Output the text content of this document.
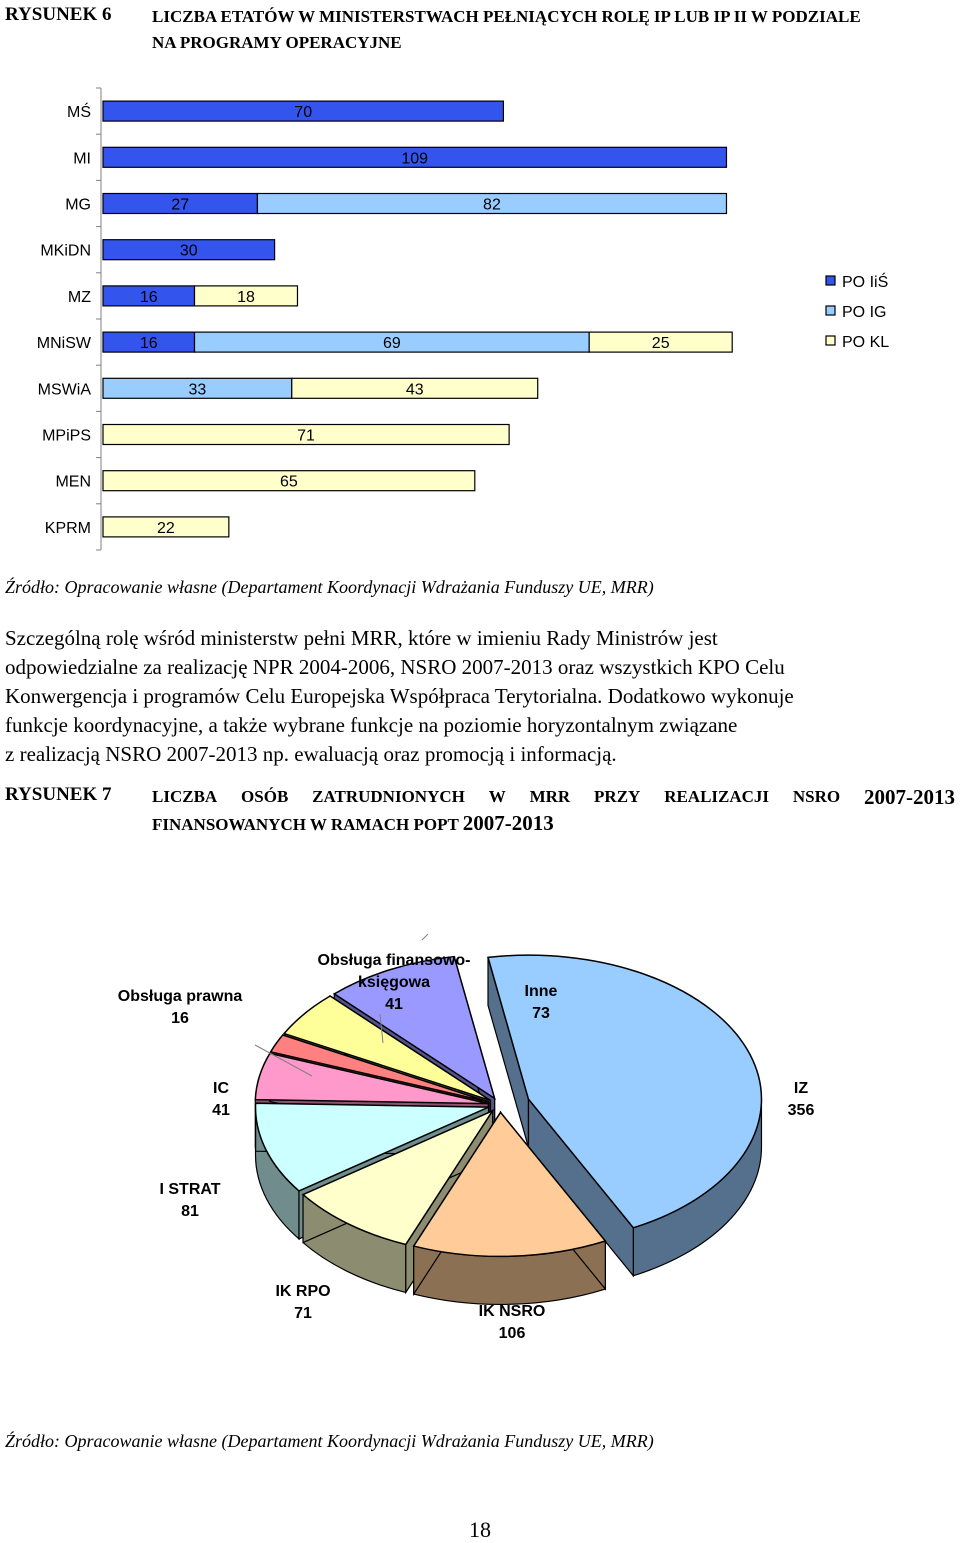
RYSUNEK 6	LICZBA ETATÓW W MINISTERSTWACH PEŁNIĄCYCH ROLĘ IP LUB IP II W PODZIALE
NA PROGRAMY OPERACYJNE
MŚ
MI
MG
MKiDN
MZ
MNiSW
MSWiA
MPiPS
MEN
KPRM
70
109
27	82
30
16	18
16	69	25
33	43
71
65
22
PO IiŚ
PO IG
PO KL
Źródło: Opracowanie własne (Departament Koordynacji Wdrażania Funduszy UE, MRR)
Szczególną rolę wśród ministerstw pełni MRR, które w imieniu Rady Ministrów jest
odpowiedzialne za realizację NPR 2004-2006, NSRO 2007-2013 oraz wszystkich KPO Celu
Konwergencja i programów Celu Europejska Współpraca Terytorialna. Dodatkowo wykonuje
funkcje koordynacyjne, a także wybrane funkcje na poziomie horyzontalnym związane
z realizacją NSRO 2007-2013 np. ewaluacją oraz promocją i informacją.
RYSUNEK 7	LICZBA OSÓB ZATRUDNIONYCH W MRR PRZY REALIZACJI NSRO 2007-2013
FINANSOWANYCH W RAMACH POPT 2007-2013
Obsługa prawna
16
Obsługa finansowo-
księgowa
41
Inne
73
IC
41
IZ
356
I STRAT
81
IK RPO
71	IK NSRO
106
Źródło: Opracowanie własne (Departament Koordynacji Wdrażania Funduszy UE, MRR)
18
